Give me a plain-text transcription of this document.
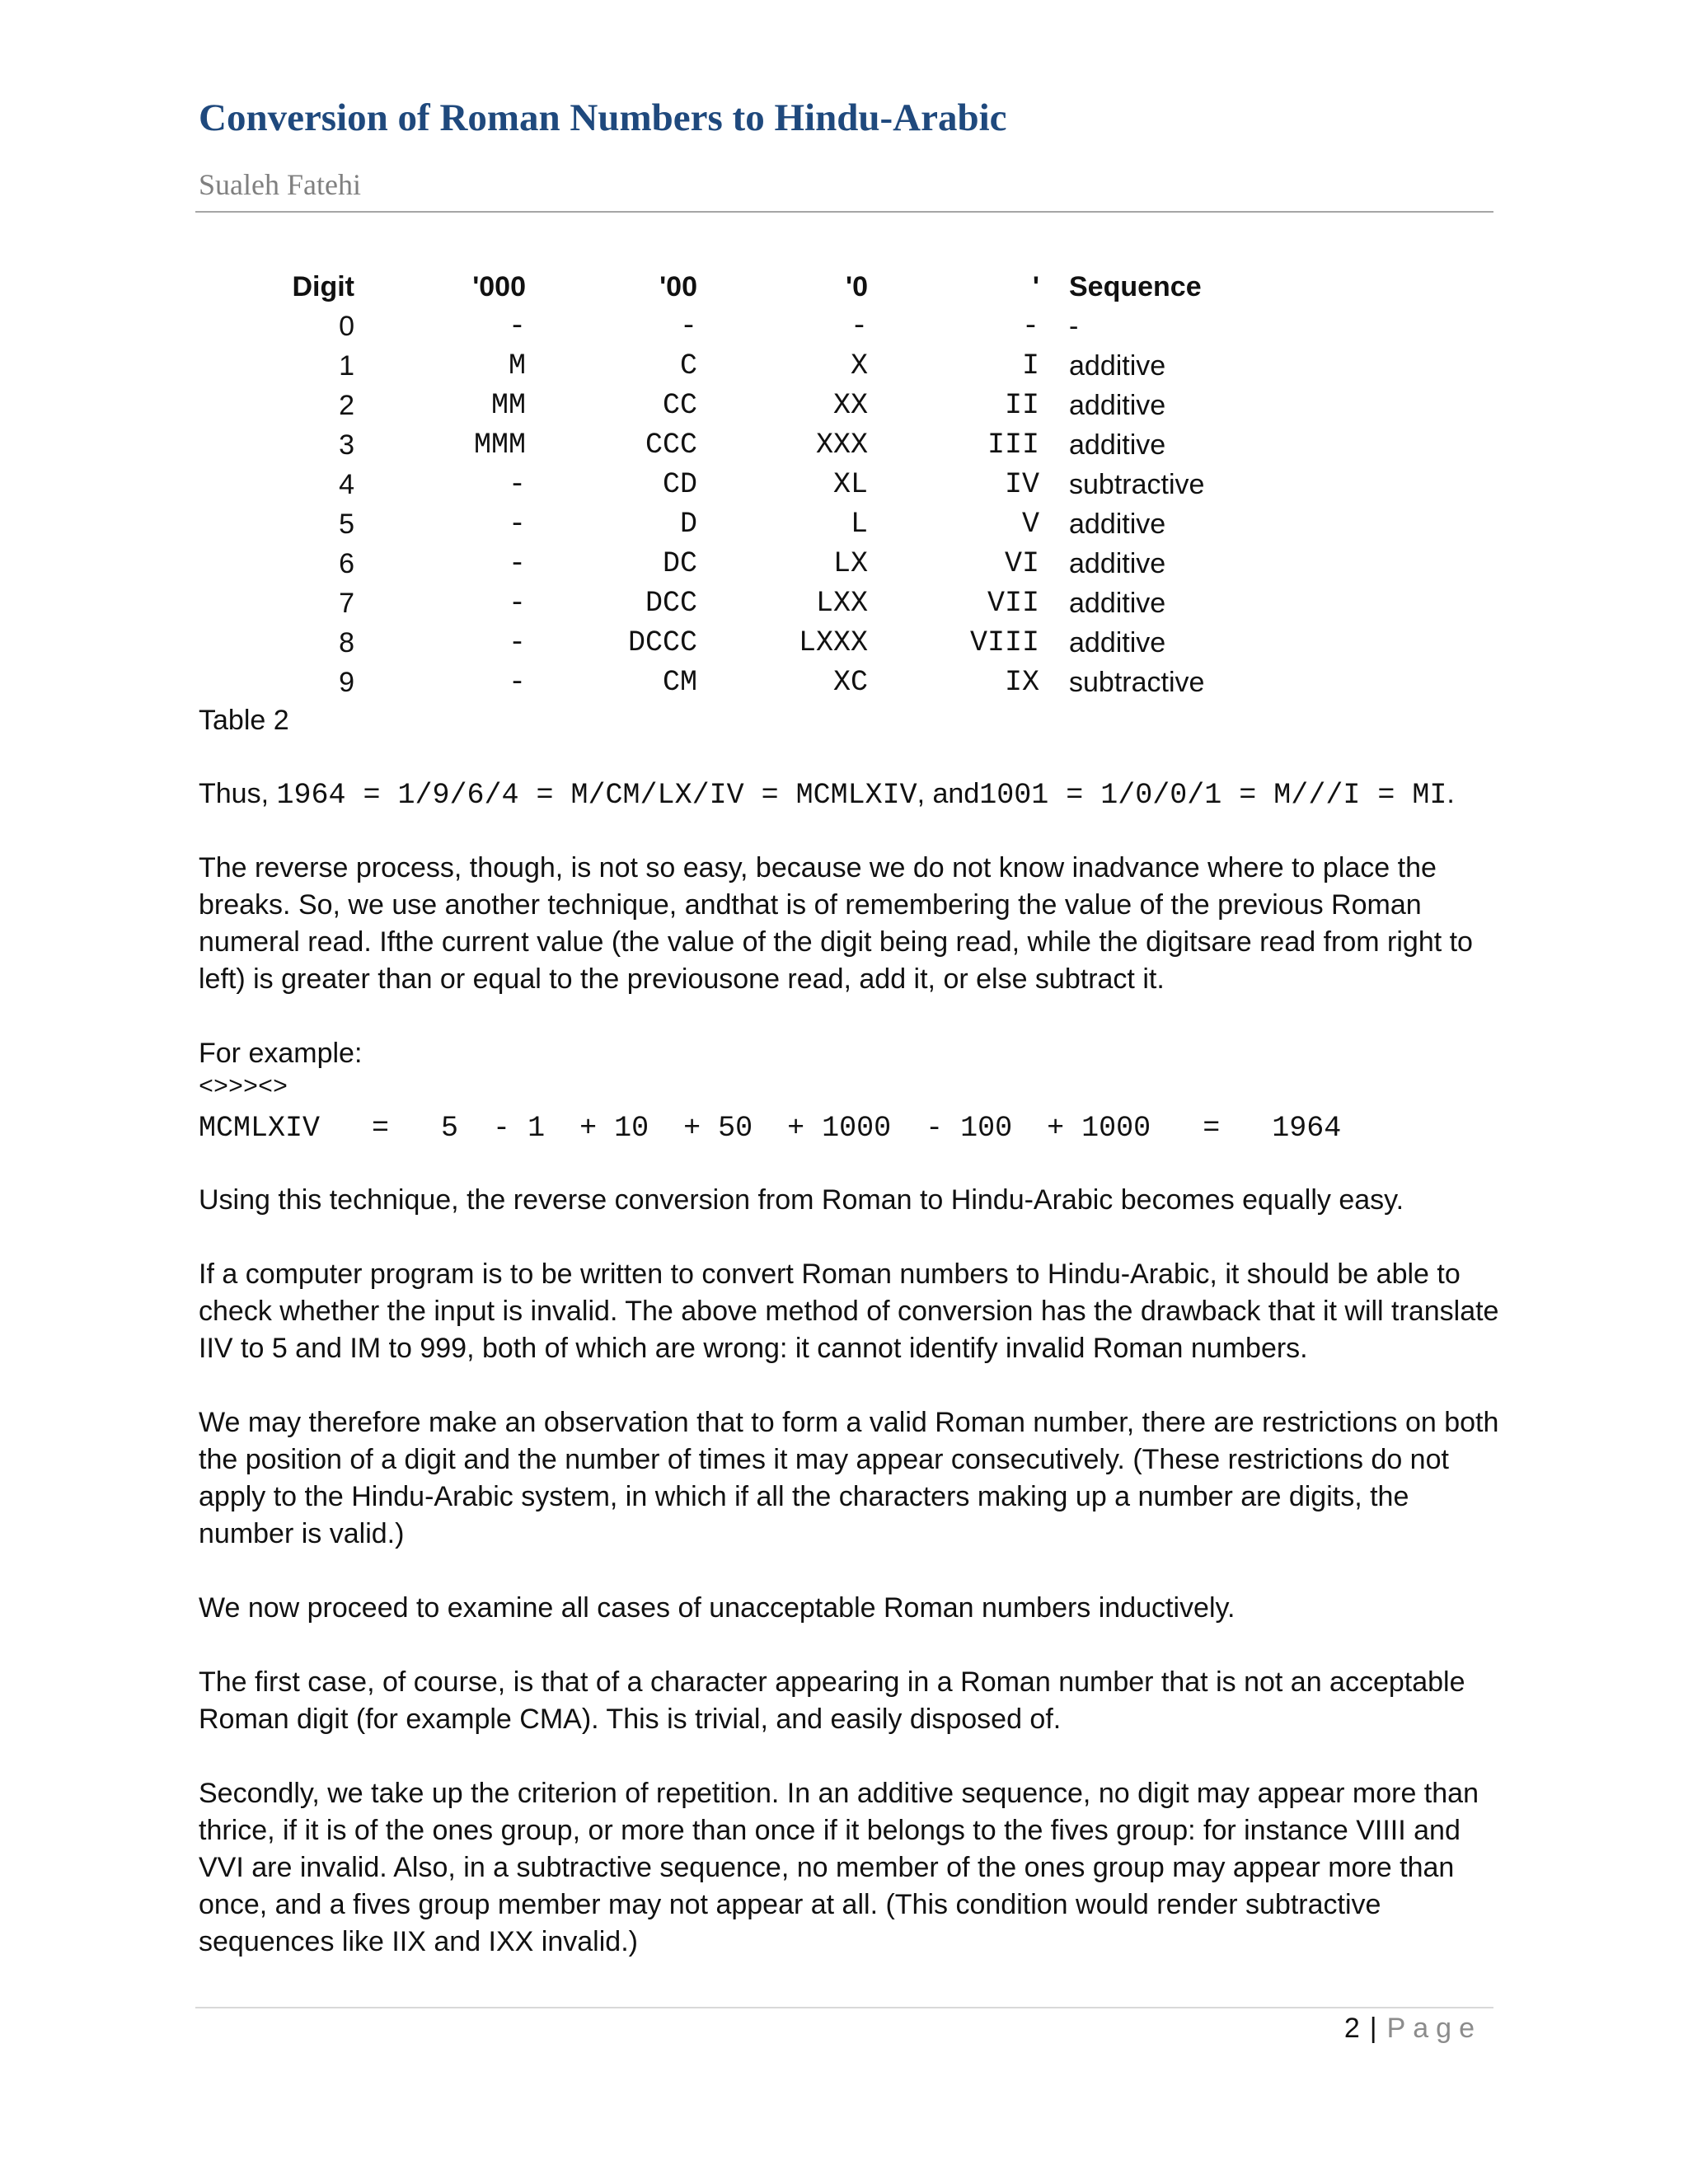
Conversion of Roman Numbers to Hindu-Arabic
Sualeh Fatehi
Digit	'000	'00	'0	' Sequence
0	-	-	-	- -
1	M	C	X	I additive
2	MM	CC	XX	II additive
3	MMM	CCC	XXX	III additive
4	-	CD	XL	IV subtractive
5	-	D	L	V additive
6	-	DC	LX	VI additive
7	-	DCC	LXX	VII additive
8	-	DCCC	LXXX	VIII additive
9	-	CM	XC	IX subtractive
Table 2

Thus, 1964 = 1/9/6/4 = M/CM/LX/IV = MCMLXIV, and1001 = 1/0/0/1 = M///I = MI.

The reverse process, though, is not so easy, because we do not know inadvance where to place the breaks. So, we use another technique, andthat is of remembering the value of the previous Roman numeral read. Ifthe current value (the value of the digit being read, while the digitsare read from right to left) is greater than or equal to the previousone read, add it, or else subtract it.

For example:

<>>><>
MCMLXIV   =   5  - 1  + 10  + 50  + 1000  - 100  + 1000   =   1964

Using this technique, the reverse conversion from Roman to Hindu-Arabic becomes equally easy.

If a computer program is to be written to convert Roman numbers to Hindu-Arabic, it should be able to check whether the input is invalid. The above method of conversion has the drawback that it will translate IIV to 5 and IM to 999, both of which are wrong: it cannot identify invalid Roman numbers.

We may therefore make an observation that to form a valid Roman number, there are restrictions on both the position of a digit and the number of times it may appear consecutively. (These restrictions do not apply to the Hindu-Arabic system, in which if all the characters making up a number are digits, the number is valid.)

We now proceed to examine all cases of unacceptable Roman numbers inductively.

The first case, of course, is that of a character appearing in a Roman number that is not an acceptable Roman digit (for example CMA). This is trivial, and easily disposed of.

Secondly, we take up the criterion of repetition. In an additive sequence, no digit may appear more than thrice, if it is of the ones group, or more than once if it belongs to the fives group: for instance VIIII and VVI are invalid. Also, in a subtractive sequence, no member of the ones group may appear more than once, and a fives group member may not appear at all. (This condition would render subtractive sequences like IIX and IXX invalid.)

2 | Page
